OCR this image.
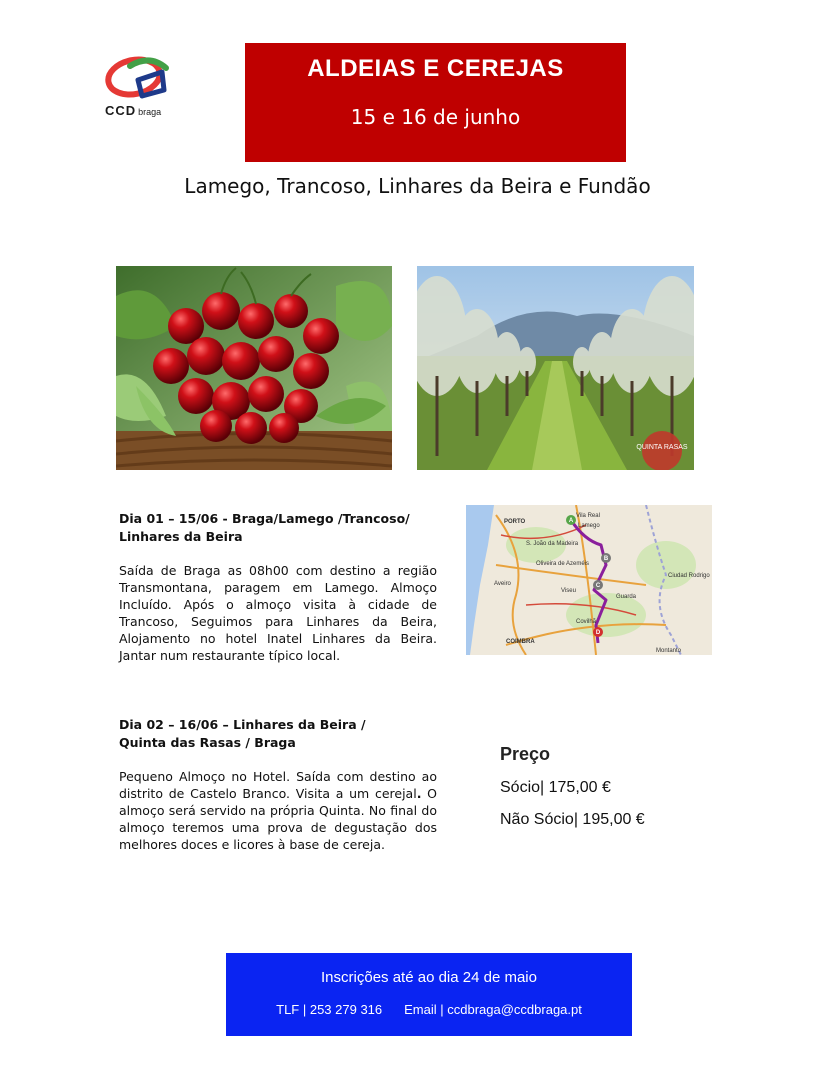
CCD braga
ALDEIAS E CEREJAS
15 e 16 de junho
Lamego, Trancoso, Linhares da Beira e Fundão
QUINTA RASAS
Dia 01 – 15/06 - Braga/Lamego /Trancoso/
Linhares da Beira
Saída de Braga as 08h00 com destino a região Transmontana, paragem em Lamego. Almoço Incluído. Após o almoço visita à cidade de Trancoso, Seguimos para Linhares da Beira, Alojamento no hotel Inatel Linhares da Beira. Jantar num restaurante típico local.
Vila Real
PORTO
Lamego
S. João da Madeira
Oliveira de Azeméis
Aveiro
Viseu
Guarda
Ciudad Rodrigo
Covilhã
COIMBRA
Montanto
A
B
C
D
Dia 02 – 16/06 – Linhares da Beira /
Quinta das Rasas / Braga
Pequeno Almoço no Hotel. Saída com destino ao distrito de Castelo Branco. Visita a um cerejal. O almoço será servido na própria Quinta. No final do almoço teremos uma prova de degustação dos melhores doces e licores à base de cereja.
Preço
Sócio| 175,00 €
Não Sócio| 195,00 €
Inscrições até ao dia 24 de maio
TLF | 253 279 316 Email | ccdbraga@ccdbraga.pt
